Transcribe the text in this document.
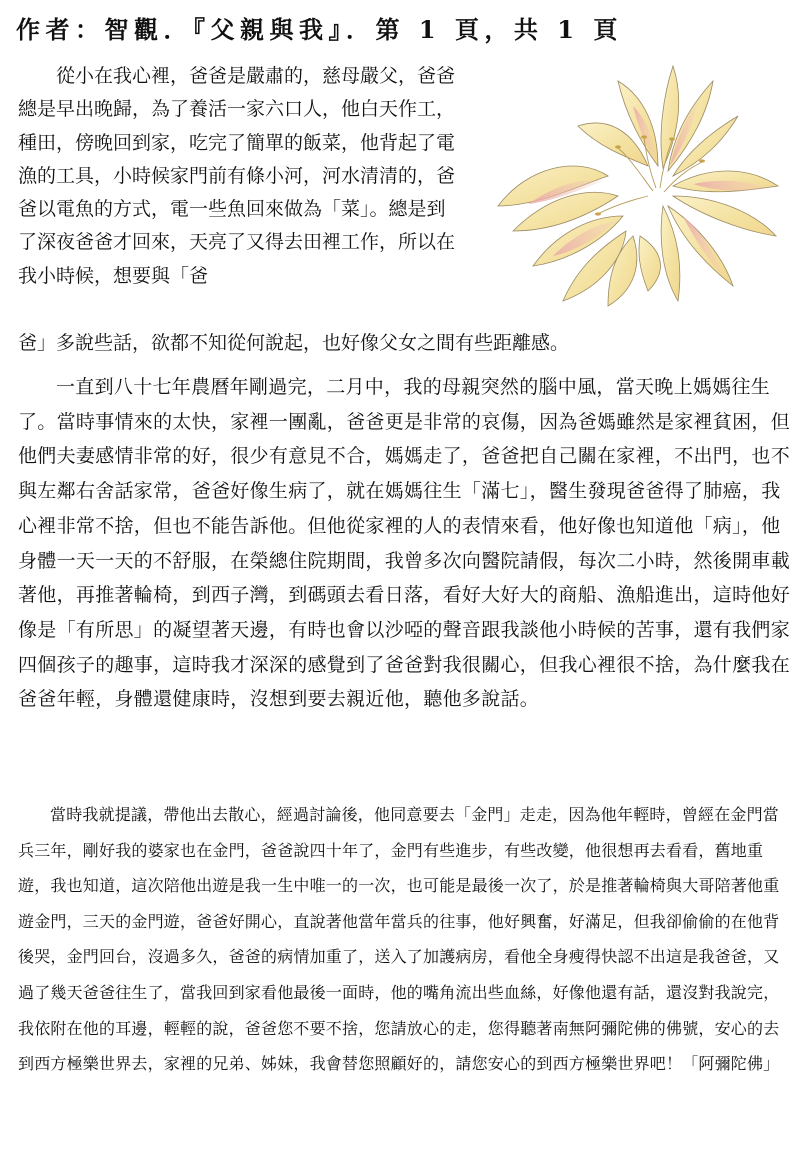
作者：智觀．『父親與我』．第 1 頁，共 1 頁

從小在我心裡，爸爸是嚴肅的，慈母嚴父，爸爸總是早出晚歸，為了養活一家六口人，他白天作工，種田，傍晚回到家，吃完了簡單的飯菜，他背起了電漁的工具，小時候家門前有條小河，河水清清的，爸爸以電魚的方式，電一些魚回來做為「菜」。總是到了深夜爸爸才回來，天亮了又得去田裡工作，所以在我小時候，想要與「爸

爸」多說些話，欲都不知從何說起，也好像父女之間有些距離感。

一直到八十七年農曆年剛過完，二月中，我的母親突然的腦中風，當天晚上媽媽往生了。當時事情來的太快，家裡一團亂，爸爸更是非常的哀傷，因為爸媽雖然是家裡貧困，但他們夫妻感情非常的好，很少有意見不合，媽媽走了，爸爸把自己關在家裡，不出門，也不與左鄰右舍話家常，爸爸好像生病了，就在媽媽往生「滿七」，醫生發現爸爸得了肺癌，我心裡非常不捨，但也不能告訴他。但他從家裡的人的表情來看，他好像也知道他「病」，他身體一天一天的不舒服，在榮總住院期間，我曾多次向醫院請假，每次二小時，然後開車載著他，再推著輪椅，到西子灣，到碼頭去看日落，看好大好大的商船、漁船進出，這時他好像是「有所思」的凝望著天邊，有時也會以沙啞的聲音跟我談他小時候的苦事，還有我們家四個孩子的趣事，這時我才深深的感覺到了爸爸對我很關心，但我心裡很不捨，為什麼我在爸爸年輕，身體還健康時，沒想到要去親近他，聽他多說話。

當時我就提議，帶他出去散心，經過討論後，他同意要去「金門」走走，因為他年輕時，曾經在金門當兵三年，剛好我的婆家也在金門，爸爸說四十年了，金門有些進步，有些改變，他很想再去看看，舊地重遊，我也知道，這次陪他出遊是我一生中唯一的一次，也可能是最後一次了，於是推著輪椅與大哥陪著他重遊金門，三天的金門遊，爸爸好開心，直說著他當年當兵的往事，他好興奮，好滿足，但我卻偷偷的在他背後哭，金門回台，沒過多久，爸爸的病情加重了，送入了加護病房，看他全身瘦得快認不出這是我爸爸，又過了幾天爸爸往生了，當我回到家看他最後一面時，他的嘴角流出些血絲，好像他還有話，還沒對我說完，我依附在他的耳邊，輕輕的說，爸爸您不要不捨，您請放心的走，您得聽著南無阿彌陀佛的佛號，安心的去到西方極樂世界去，家裡的兄弟、姊妹，我會替您照顧好的，請您安心的到西方極樂世界吧！「阿彌陀佛」
